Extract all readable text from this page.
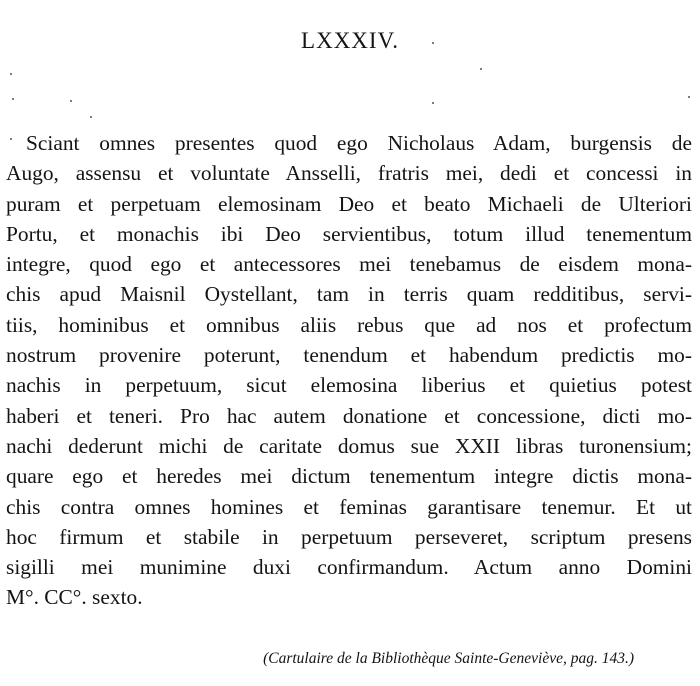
LXXXIV.
Sciant omnes presentes quod ego Nicholaus Adam, burgensis de
Augo, assensu et voluntate Ansselli, fratris mei, dedi et concessi in
puram et perpetuam elemosinam Deo et beato Michaeli de Ulteriori
Portu, et monachis ibi Deo servientibus, totum illud tenementum
integre, quod ego et antecessores mei tenebamus de eisdem mona-
chis apud Maisnil Oystellant, tam in terris quam redditibus, servi-
tiis, hominibus et omnibus aliis rebus que ad nos et profectum
nostrum provenire poterunt, tenendum et habendum predictis mo-
nachis in perpetuum, sicut elemosina liberius et quietius potest
haberi et teneri. Pro hac autem donatione et concessione, dicti mo-
nachi dederunt michi de caritate domus sue XXII libras turonensium;
quare ego et heredes mei dictum tenementum integre dictis mona-
chis contra omnes homines et feminas garantisare tenemur. Et ut
hoc firmum et stabile in perpetuum perseveret, scriptum presens
sigilli mei munimine duxi confirmandum. Actum anno Domini
M°. CC°. sexto.
(Cartulaire de la Bibliothèque Sainte-Geneviève, pag. 143.)
